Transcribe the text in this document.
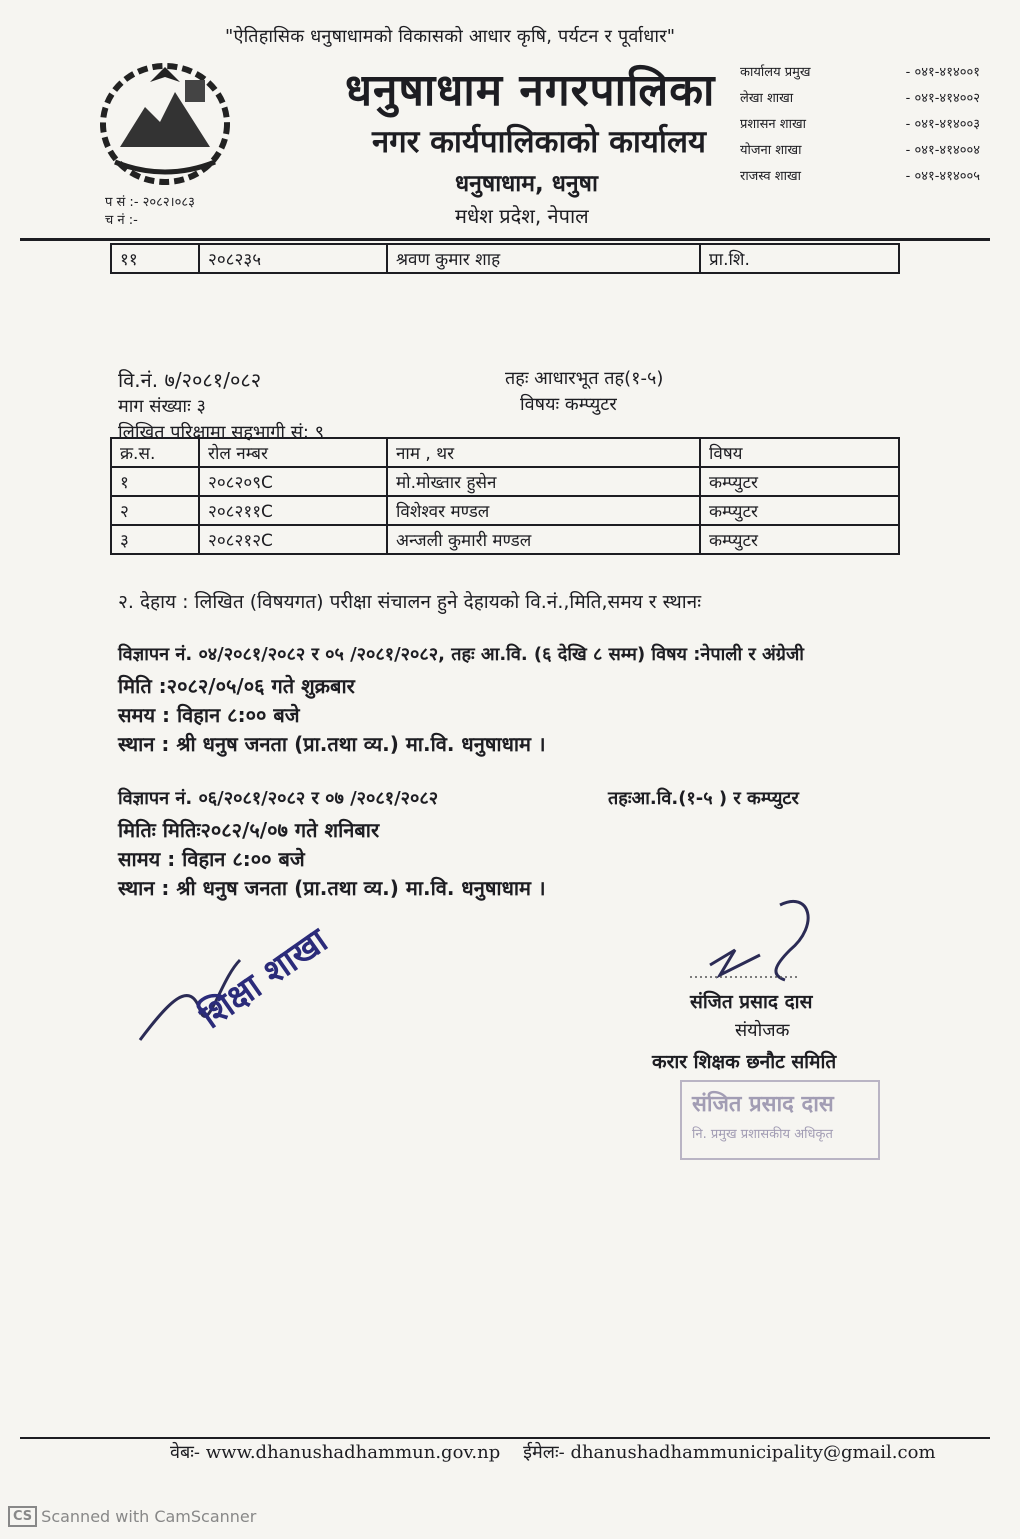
"ऐतिहासिक धनुषाधामको विकासको आधार कृषि, पर्यटन र पूर्वाधार"
धनुषाधाम नगरपालिका
नगर कार्यपालिकाको कार्यालय
धनुषाधाम, धनुषा
मधेश प्रदेश, नेपाल
कार्यालय प्रमुख	- ०४१-४१४००१
लेखा शाखा	- ०४१-४१४००२
प्रशासन शाखा	- ०४१-४१४००३
योजना शाखा	- ०४१-४१४००४
राजस्व शाखा	- ०४१-४१४००५
प सं :- २०८२।०८३
च नं :-
११	२०८२३५	श्रवण कुमार शाह	प्रा.शि.
वि.नं. ७/२०८१/०८२	तहः आधारभूत तह(१-५)
माग संख्याः ३	विषयः कम्प्युटर
लिखित परिक्षामा सहभागी सं: ९
क्र.स.	रोल नम्बर	नाम , थर	विषय
१	२०८२०९C	मो.मोख्तार हुसेन	कम्प्युटर
२	२०८२११C	विशेश्वर मण्डल	कम्प्युटर
३	२०८२१२C	अन्जली कुमारी मण्डल	कम्प्युटर
२. देहाय : लिखित (विषयगत) परीक्षा संचालन हुने देहायको वि.नं.,मिति,समय र स्थानः
विज्ञापन नं. ०४/२०८१/२०८२ र ०५ /२०८१/२०८२, तहः आ.वि. (६ देखि ८ सम्म) विषय :नेपाली र अंग्रेजी
मिति :२०८२/०५/०६ गते शुक्रबार
समय : विहान ८:०० बजे
स्थान : श्री धनुष जनता (प्रा.तथा व्य.) मा.वि. धनुषाधाम ।
विज्ञापन नं. ०६/२०८१/२०८२ र ०७ /२०८१/२०८२	तहःआ.वि.(१-५ ) र कम्प्युटर
मितिः मितिः२०८२/५/०७ गते शनिबार
सामय : विहान ८:०० बजे
स्थान : श्री धनुष जनता (प्रा.तथा व्य.) मा.वि. धनुषाधाम ।
शिक्षा शाखा	संजित प्रसाद दास
संयोजक
करार शिक्षक छनौट समिति
संजित प्रसाद दास
नि. प्रमुख प्रशासकीय अधिकृत
वेबः- www.dhanushadhammun.gov.np ईमेलः- dhanushadhammunicipality@gmail.com
CS Scanned with CamScanner
